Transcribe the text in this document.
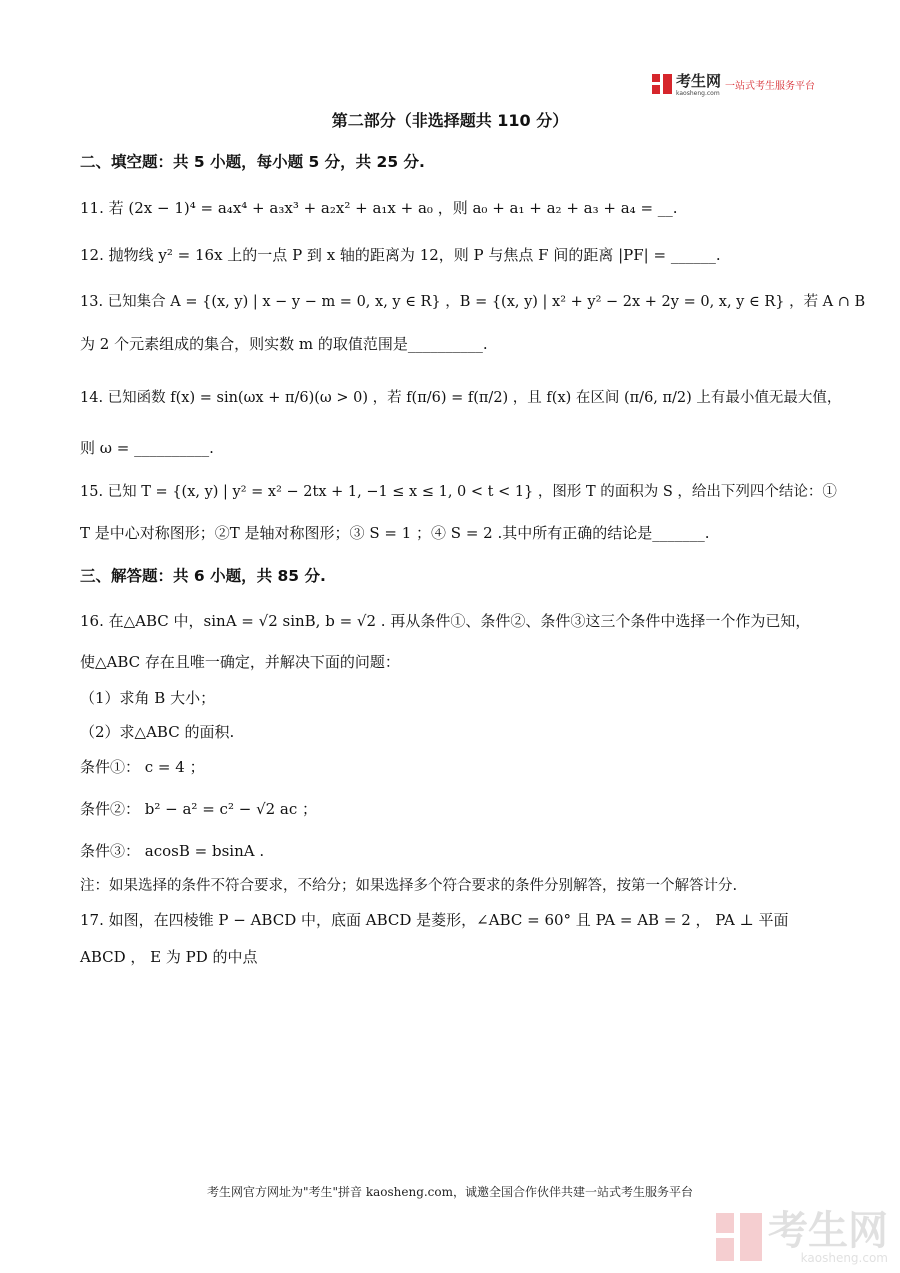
考生网
kaosheng.com
一站式考生服务平台
第二部分（非选择题共 110 分）
二、填空题：共 5 小题，每小题 5 分，共 25 分.
11. 若 (2x − 1)⁴ = a₄x⁴ + a₃x³ + a₂x² + a₁x + a₀ ，则 a₀ + a₁ + a₂ + a₃ + a₄ = __.
12. 抛物线 y² = 16x 上的一点 P 到 x 轴的距离为 12，则 P 与焦点 F 间的距离 |PF| = ______.
13. 已知集合 A = {(x, y) | x − y − m = 0, x, y ∈ R} ，B = {(x, y) | x² + y² − 2x + 2y = 0, x, y ∈ R} ，若 A ∩ B
为 2 个元素组成的集合，则实数 m 的取值范围是__________.
14. 已知函数 f(x) = sin(ωx + π/6)(ω > 0) ，若 f(π/6) = f(π/2) ，且 f(x) 在区间 (π/6, π/2) 上有最小值无最大值，
则 ω = __________.
15. 已知 T = {(x, y) | y² = x² − 2tx + 1, −1 ≤ x ≤ 1, 0 < t < 1} ，图形 T 的面积为 S ，给出下列四个结论：①
T 是中心对称图形；②T 是轴对称图形；③ S = 1 ；④ S = 2 .其中所有正确的结论是_______.
三、解答题：共 6 小题，共 85 分.
16. 在△ABC 中，sinA = √2 sinB, b = √2 . 再从条件①、条件②、条件③这三个条件中选择一个作为已知，
使△ABC 存在且唯一确定，并解决下面的问题：
（1）求角 B 大小；
（2）求△ABC 的面积.
条件①： c = 4 ；
条件②： b² − a² = c² − √2 ac ；
条件③： acosB = bsinA .
注：如果选择的条件不符合要求，不给分；如果选择多个符合要求的条件分别解答，按第一个解答计分.
17. 如图，在四棱锥 P − ABCD 中，底面 ABCD 是菱形，∠ABC = 60° 且 PA = AB = 2 ， PA ⊥ 平面
ABCD ， E 为 PD 的中点
考生网官方网址为"考生"拼音 kaosheng.com，诚邀全国合作伙伴共建一站式考生服务平台
考生网
kaosheng.com
